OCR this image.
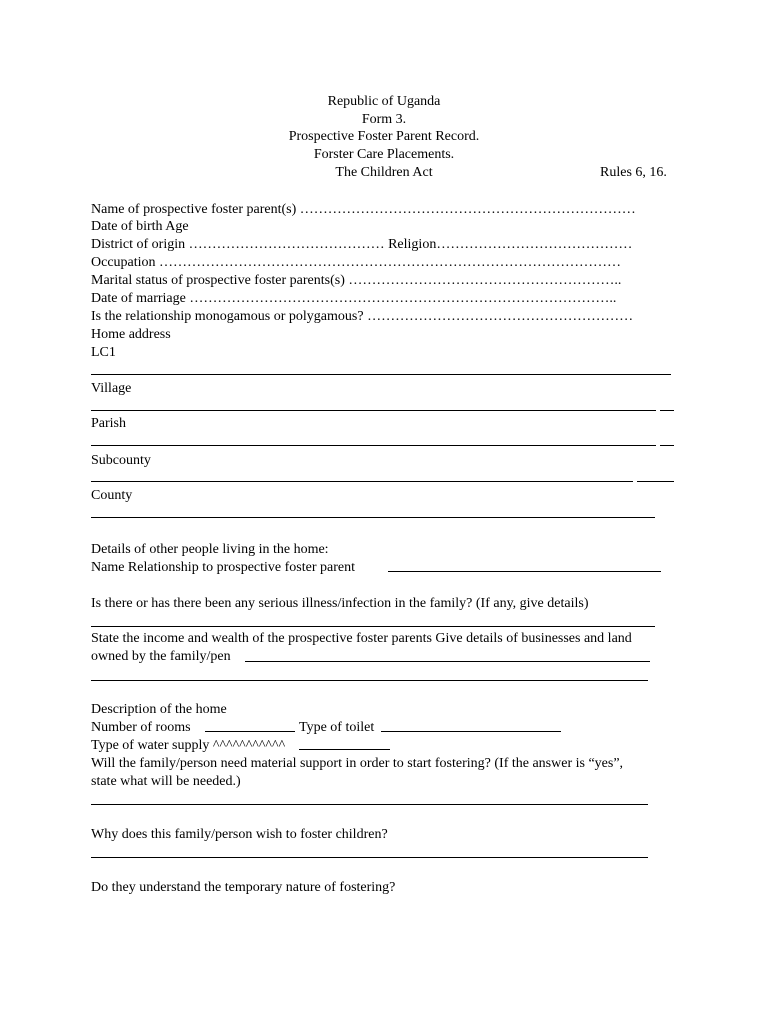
Republic of Uganda
Form 3.
Prospective Foster Parent Record.
Forster Care Placements.
The Children Act	Rules 6, 16.
Name of prospective foster parent(s) ………………………………………………………………
Date of birth Age
District of origin …………………………………… Religion……………………………………
Occupation ………………………………………………………………………………………
Marital status of prospective foster parents(s) …………………………………………………..
Date of marriage ………………………………………………………………………………..
Is the relationship monogamous or polygamous? …………………………………………………
Home address
LC1
Village
Parish
Subcounty
County
Details of other people living in the home:
Name Relationship to prospective foster parent
Is there or has there been any serious illness/infection in the family? (If any, give details)
State the income and wealth of the prospective foster parents Give details of businesses and land
owned by the family/pen
Description of the home
Number of rooms	Type of toilet
Type of water supply ^^^^^^^^^^^
Will the family/person need material support in order to start fostering? (If the answer is “yes”,
state what will be needed.)
Why does this family/person wish to foster children?
Do they understand the temporary nature of fostering?
